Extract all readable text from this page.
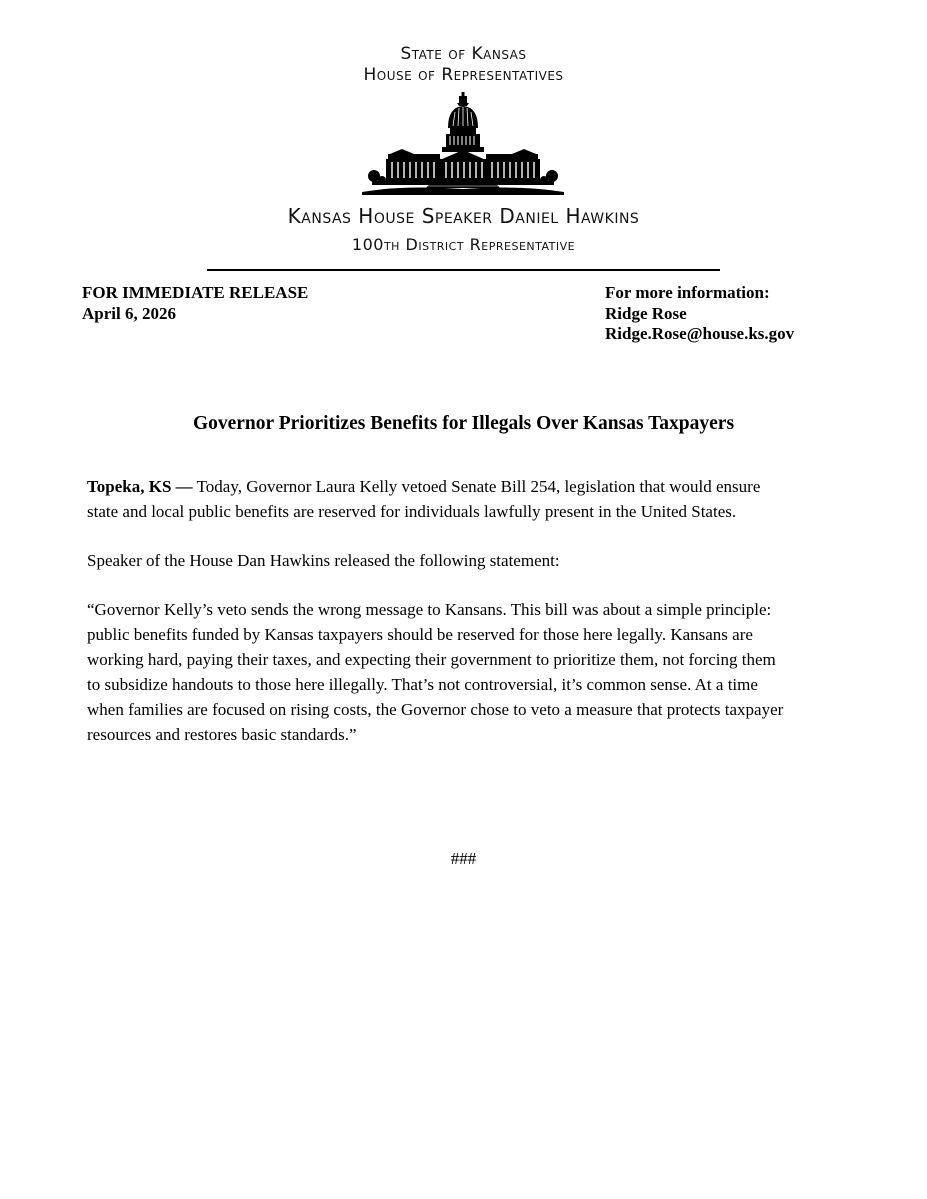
State of Kansas
House of Representatives
Kansas House Speaker Daniel Hawkins
100th District Representative
FOR IMMEDIATE RELEASE
April 6, 2026
For more information:
Ridge Rose
Ridge.Rose@house.ks.gov
Governor Prioritizes Benefits for Illegals Over Kansas Taxpayers
Topeka, KS — Today, Governor Laura Kelly vetoed Senate Bill 254, legislation that would ensure
state and local public benefits are reserved for individuals lawfully present in the United States.
Speaker of the House Dan Hawkins released the following statement:
“Governor Kelly’s veto sends the wrong message to Kansans. This bill was about a simple principle:
public benefits funded by Kansas taxpayers should be reserved for those here legally. Kansans are
working hard, paying their taxes, and expecting their government to prioritize them, not forcing them
to subsidize handouts to those here illegally. That’s not controversial, it’s common sense. At a time
when families are focused on rising costs, the Governor chose to veto a measure that protects taxpayer
resources and restores basic standards.”
###
